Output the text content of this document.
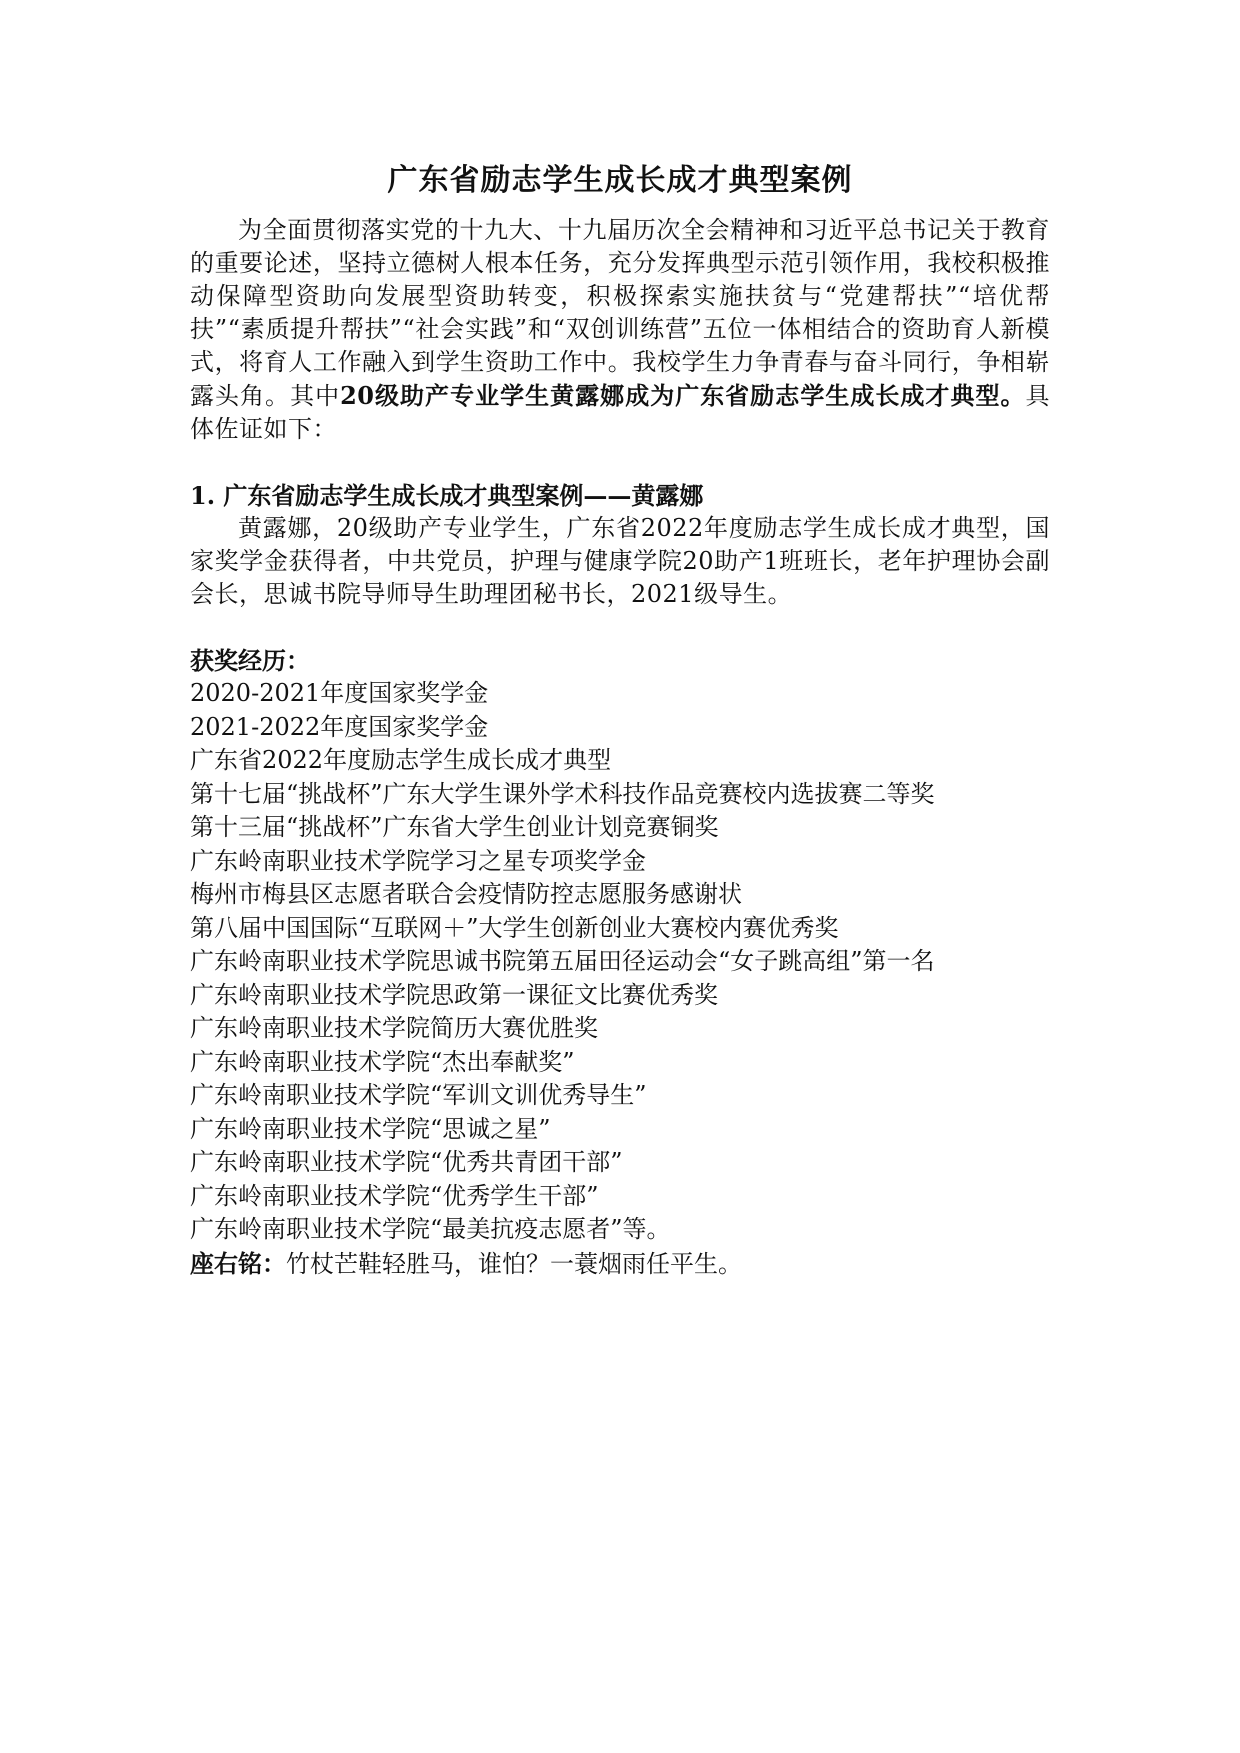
广东省励志学生成长成才典型案例

为全面贯彻落实党的十九大、十九届历次全会精神和习近平总书记关于教育的重要论述，坚持立德树人根本任务，充分发挥典型示范引领作用，我校积极推动保障型资助向发展型资助转变，积极探索实施扶贫与“党建帮扶”“培优帮扶”“素质提升帮扶”“社会实践”和“双创训练营”五位一体相结合的资助育人新模式，将育人工作融入到学生资助工作中。我校学生力争青春与奋斗同行，争相崭露头角。其中20级助产专业学生黄露娜成为广东省励志学生成长成才典型。具体佐证如下：

1. 广东省励志学生成长成才典型案例——黄露娜

黄露娜，20级助产专业学生，广东省2022年度励志学生成长成才典型，国家奖学金获得者，中共党员，护理与健康学院20助产1班班长，老年护理协会副会长，思诚书院导师导生助理团秘书长，2021级导生。

获奖经历：

2020-2021年度国家奖学金
2021-2022年度国家奖学金
广东省2022年度励志学生成长成才典型
第十七届“挑战杯”广东大学生课外学术科技作品竞赛校内选拔赛二等奖
第十三届“挑战杯”广东省大学生创业计划竞赛铜奖
广东岭南职业技术学院学习之星专项奖学金
梅州市梅县区志愿者联合会疫情防控志愿服务感谢状
第八届中国国际“互联网＋”大学生创新创业大赛校内赛优秀奖
广东岭南职业技术学院思诚书院第五届田径运动会“女子跳高组”第一名
广东岭南职业技术学院思政第一课征文比赛优秀奖
广东岭南职业技术学院简历大赛优胜奖
广东岭南职业技术学院“杰出奉献奖”
广东岭南职业技术学院“军训文训优秀导生”
广东岭南职业技术学院“思诚之星”
广东岭南职业技术学院“优秀共青团干部”
广东岭南职业技术学院“优秀学生干部”
广东岭南职业技术学院“最美抗疫志愿者”等。

座右铭：竹杖芒鞋轻胜马，谁怕？一蓑烟雨任平生。
